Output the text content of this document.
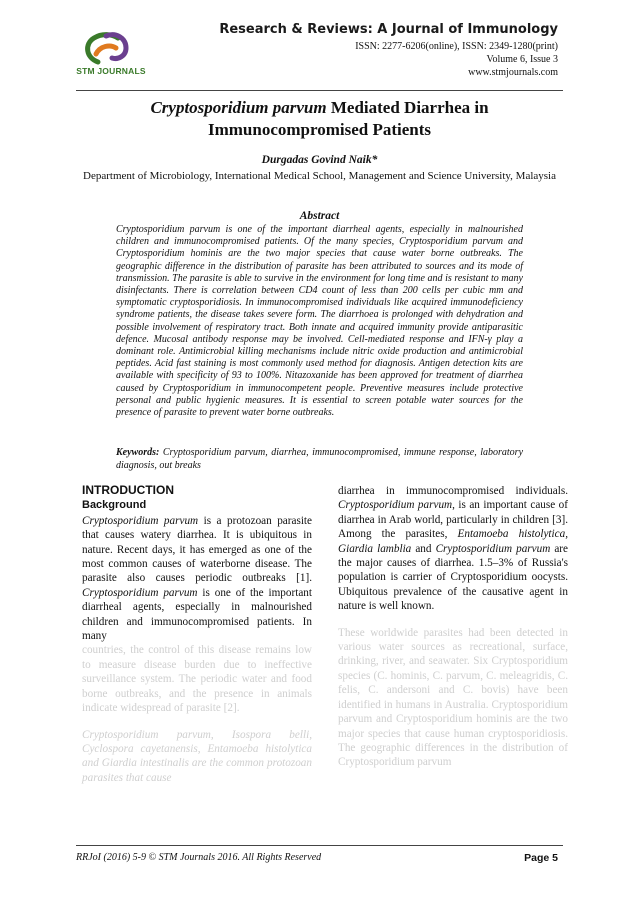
STM JOURNALS
Research & Reviews: A Journal of Immunology
ISSN: 2277-6206(online), ISSN: 2349-1280(print)
Volume 6, Issue 3
www.stmjournals.com
Cryptosporidium parvum Mediated Diarrhea in Immunocompromised Patients
Durgadas Govind Naik*
Department of Microbiology, International Medical School, Management and Science University, Malaysia
Abstract
Cryptosporidium parvum is one of the important diarrheal agents, especially in malnourished children and immunocompromised patients. Of the many species, Cryptosporidium parvum and Cryptosporidium hominis are the two major species that cause water borne outbreaks. The geographic difference in the distribution of parasite has been attributed to sources and its mode of transmission. The parasite is able to survive in the environment for long time and is resistant to many disinfectants. There is correlation between CD4 count of less than 200 cells per cubic mm and symptomatic cryptosporidiosis. In immunocompromised individuals like acquired immunodeficiency syndrome patients, the disease takes severe form. The diarrhoea is prolonged with dehydration and possible involvement of respiratory tract. Both innate and acquired immunity provide antiparasitic defence. Mucosal antibody response may be involved. Cell-mediated response and IFN-γ play a dominant role. Antimicrobial killing mechanisms include nitric oxide production and antimicrobial peptides. Acid fast staining is most commonly used method for diagnosis. Antigen detection kits are available with specificity of 93 to 100%. Nitazoxanide has been approved for treatment of diarrhea caused by Cryptosporidium in immunocompetent people. Preventive measures include protective personal and public hygienic measures. It is essential to screen potable water sources for the presence of parasite to prevent water borne outbreaks.
Keywords: Cryptosporidium parvum, diarrhea, immunocompromised, immune response, laboratory diagnosis, out breaks
INTRODUCTION
Background
Cryptosporidium parvum is a protozoan parasite that causes watery diarrhea. It is ubiquitous in nature. Recent days, it has emerged as one of the most common causes of waterborne disease. The parasite also causes periodic outbreaks [1]. Cryptosporidium parvum is one of the important diarrheal agents, especially in malnourished children and immunocompromised patients. In many
countries, the control of this disease remains low to measure disease burden due to ineffective surveillance system. The periodic water and food borne outbreaks, and the presence in animals indicate widespread of parasite [2].
Cryptosporidium parvum, Isospora belli, Cyclospora cayetanensis, Entamoeba histolytica and Giardia intestinalis are the common protozoan parasites that cause
diarrhea in immunocompromised individuals. Cryptosporidium parvum, is an important cause of diarrhea in Arab world, particularly in children [3]. Among the parasites, Entamoeba histolytica, Giardia lamblia and Cryptosporidium parvum are the major causes of diarrhea. 1.5–3% of Russia's population is carrier of Cryptosporidium oocysts. Ubiquitous prevalence of the causative agent in nature is well known.
These worldwide parasites had been detected in various water sources as recreational, surface, drinking, river, and seawater. Six Cryptosporidium species (C. hominis, C. parvum, C. meleagridis, C. felis, C. andersoni and C. bovis) have been identified in humans in Australia. Cryptosporidium parvum and Cryptosporidium hominis are the two major species that cause human cryptosporidiosis. The geographic differences in the distribution of Cryptosporidium parvum
RRJoI (2016) 5-9 © STM Journals 2016. All Rights Reserved	Page 5
